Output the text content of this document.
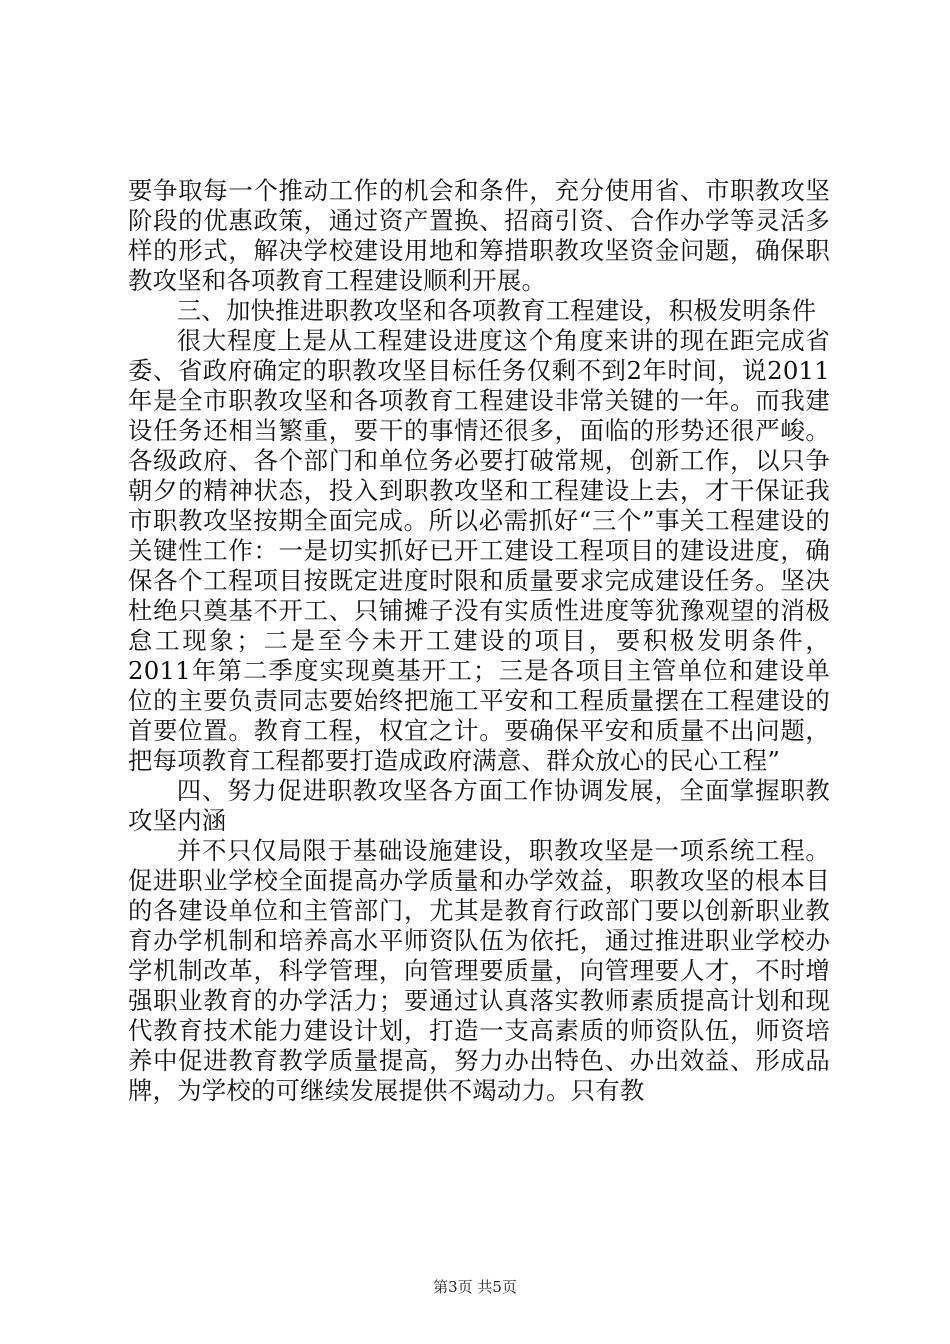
要争取每一个推动工作的机会和条件，充分使用省、市职教攻坚阶段的优惠政策，通过资产置换、招商引资、合作办学等灵活多样的形式，解决学校建设用地和筹措职教攻坚资金问题，确保职教攻坚和各项教育工程建设顺利开展。

三、加快推进职教攻坚和各项教育工程建设，积极发明条件

很大程度上是从工程建设进度这个角度来讲的现在距完成省委、省政府确定的职教攻坚目标任务仅剩不到2年时间，说2011年是全市职教攻坚和各项教育工程建设非常关键的一年。而我建设任务还相当繁重，要干的事情还很多，面临的形势还很严峻。各级政府、各个部门和单位务必要打破常规，创新工作，以只争朝夕的精神状态，投入到职教攻坚和工程建设上去，才干保证我市职教攻坚按期全面完成。所以必需抓好“三个”事关工程建设的关键性工作：一是切实抓好已开工建设工程项目的建设进度，确保各个工程项目按既定进度时限和质量要求完成建设任务。坚决杜绝只奠基不开工、只铺摊子没有实质性进度等犹豫观望的消极怠工现象；二是至今未开工建设的项目，要积极发明条件，2011年第二季度实现奠基开工；三是各项目主管单位和建设单位的主要负责同志要始终把施工平安和工程质量摆在工程建设的首要位置。教育工程，权宜之计。要确保平安和质量不出问题，把每项教育工程都要打造成政府满意、群众放心的民心工程”

四、努力促进职教攻坚各方面工作协调发展，全面掌握职教攻坚内涵

并不只仅局限于基础设施建设，职教攻坚是一项系统工程。促进职业学校全面提高办学质量和办学效益，职教攻坚的根本目的各建设单位和主管部门，尤其是教育行政部门要以创新职业教育办学机制和培养高水平师资队伍为依托，通过推进职业学校办学机制改革，科学管理，向管理要质量，向管理要人才，不时增强职业教育的办学活力；要通过认真落实教师素质提高计划和现代教育技术能力建设计划，打造一支高素质的师资队伍，师资培养中促进教育教学质量提高，努力办出特色、办出效益、形成品牌，为学校的可继续发展提供不竭动力。只有教

第3页 共5页
